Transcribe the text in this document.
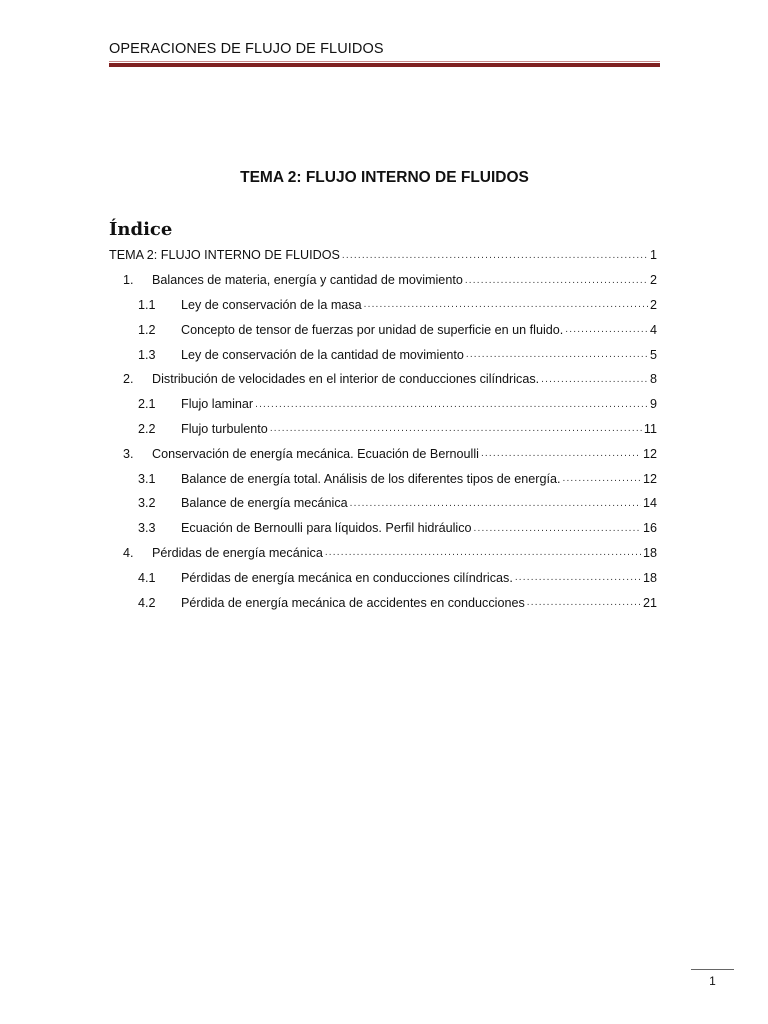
OPERACIONES DE FLUJO DE FLUIDOS
TEMA 2: FLUJO INTERNO DE FLUIDOS
Índice
TEMA 2: FLUJO INTERNO DE FLUIDOS .....	1
1.	Balances de materia, energía y cantidad de movimiento .....	2
1.1	Ley de conservación de la masa .....	2
1.2	Concepto de tensor de fuerzas por unidad de superficie en un fluido. .....	4
1.3	Ley de conservación de la cantidad de movimiento .....	5
2.	Distribución de velocidades en el interior de conducciones cilíndricas. .....	8
2.1	Flujo laminar .....	9
2.2	Flujo turbulento .....	11
3.	Conservación de energía mecánica. Ecuación de Bernoulli .....	12
3.1	Balance de energía total. Análisis de los diferentes tipos de energía. .....	12
3.2	Balance de energía mecánica .....	14
3.3	Ecuación de Bernoulli para líquidos. Perfil hidráulico .....	16
4.	Pérdidas de energía mecánica .....	18
4.1	Pérdidas de energía mecánica en conducciones cilíndricas. .....	18
4.2	Pérdida de energía mecánica de accidentes en conducciones .....	21
1
